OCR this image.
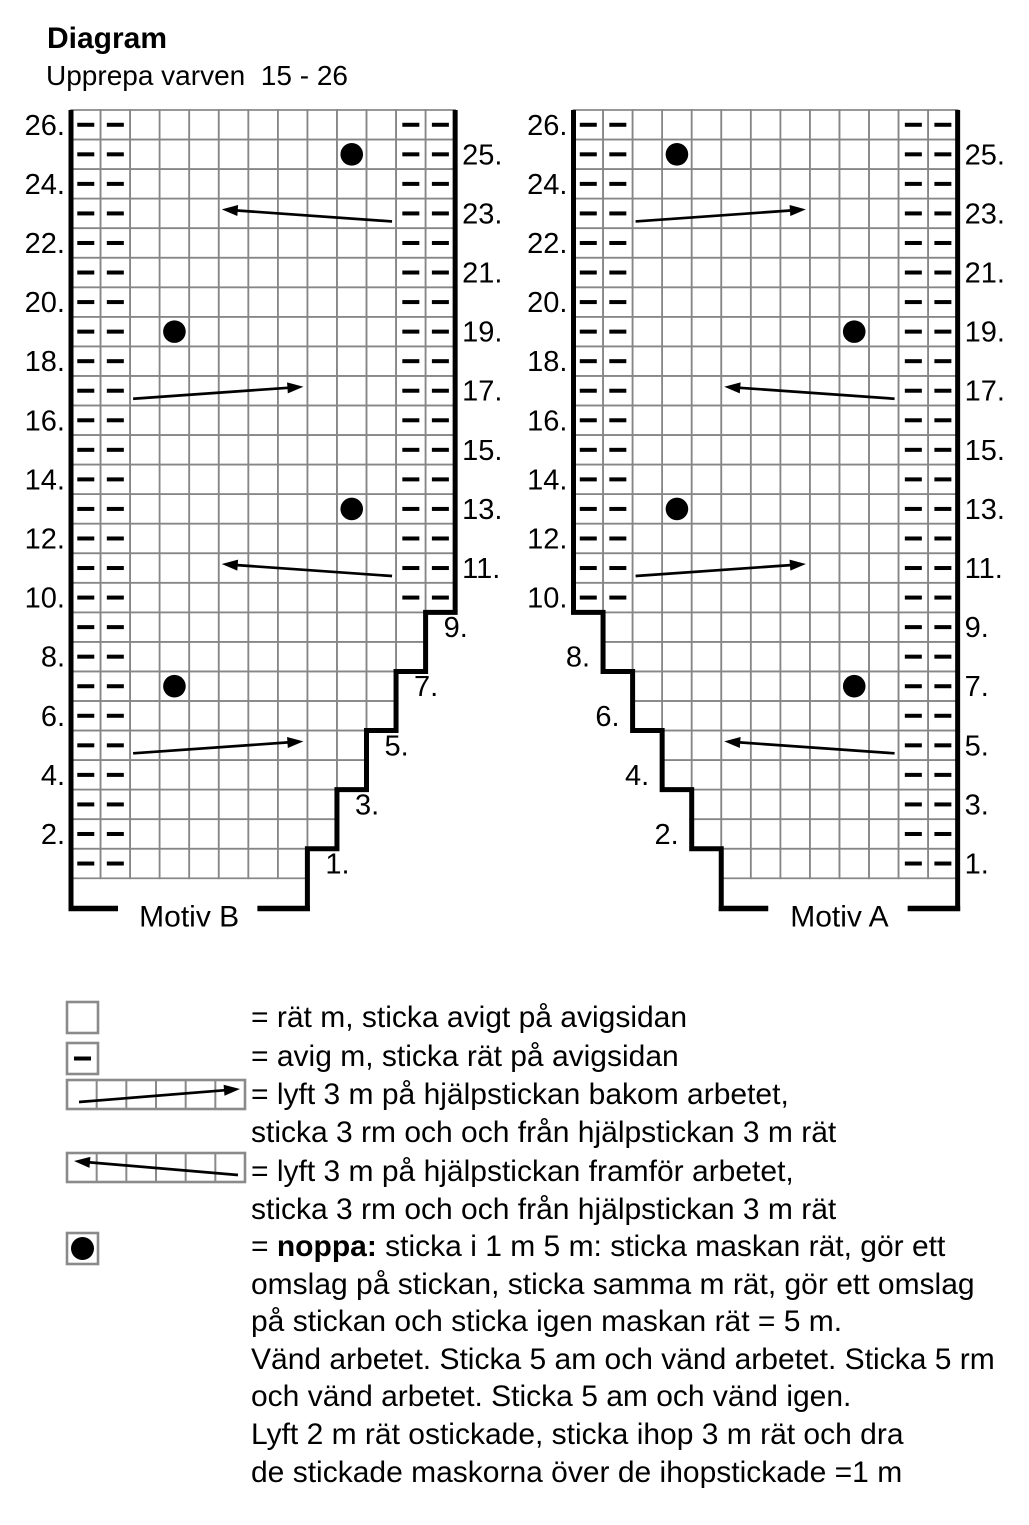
Diagram
Upprepa varven  15 - 26
Motiv B
26.
24.
22.
20.
18.
16.
14.
12.
10.
8.
6.
4.
2.
25.
23.
21.
19.
17.
15.
13.
11.
9.
7.
5.
3.
1.
Motiv A
26.
24.
22.
20.
18.
16.
14.
12.
10.
8.
6.
4.
2.
25.
23.
21.
19.
17.
15.
13.
11.
9.
7.
5.
3.
1.
= rät m, sticka avigt på avigsidan
= avig m, sticka rät på avigsidan
= lyft 3 m på hjälpstickan bakom arbetet,
sticka 3 rm och och från hjälpstickan 3 m rät
= lyft 3 m på hjälpstickan framför arbetet,
sticka 3 rm och och från hjälpstickan 3 m rät
= noppa: sticka i 1 m 5 m: sticka maskan rät, gör ett
omslag på stickan, sticka samma m rät, gör ett omslag
på stickan och sticka igen maskan rät = 5 m.
Vänd arbetet. Sticka 5 am och vänd arbetet. Sticka 5 rm
och vänd arbetet. Sticka 5 am och vänd igen.
Lyft 2 m rät ostickade, sticka ihop 3 m rät och dra
de stickade maskorna över de ihopstickade =1 m
